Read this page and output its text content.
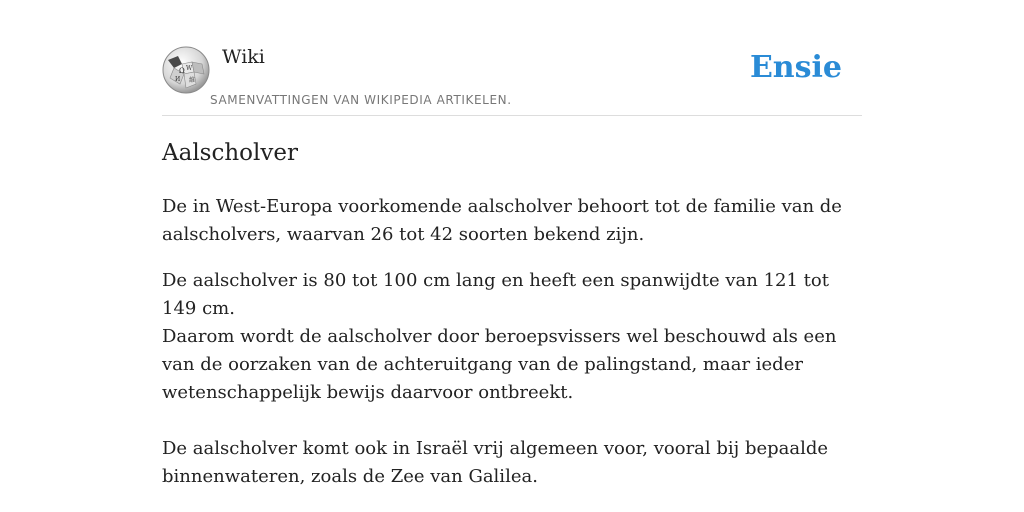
Ω W
И 維
Wiki
SAMENVATTINGEN VAN WIKIPEDIA ARTIKELEN.
Ensie
Aalscholver

De in West-Europa voorkomende aalscholver behoort tot de familie van de aalscholvers, waarvan 26 tot 42 soorten bekend zijn.

De aalscholver is 80 tot 100 cm lang en heeft een spanwijdte van 121 tot 149 cm.

Daarom wordt de aalscholver door beroepsvissers wel beschouwd als een van de oorzaken van de achteruitgang van de palingstand, maar ieder wetenschappelijk bewijs daarvoor ontbreekt.

De aalscholver komt ook in Israël vrij algemeen voor, vooral bij bepaalde binnenwateren, zoals de Zee van Galilea.
